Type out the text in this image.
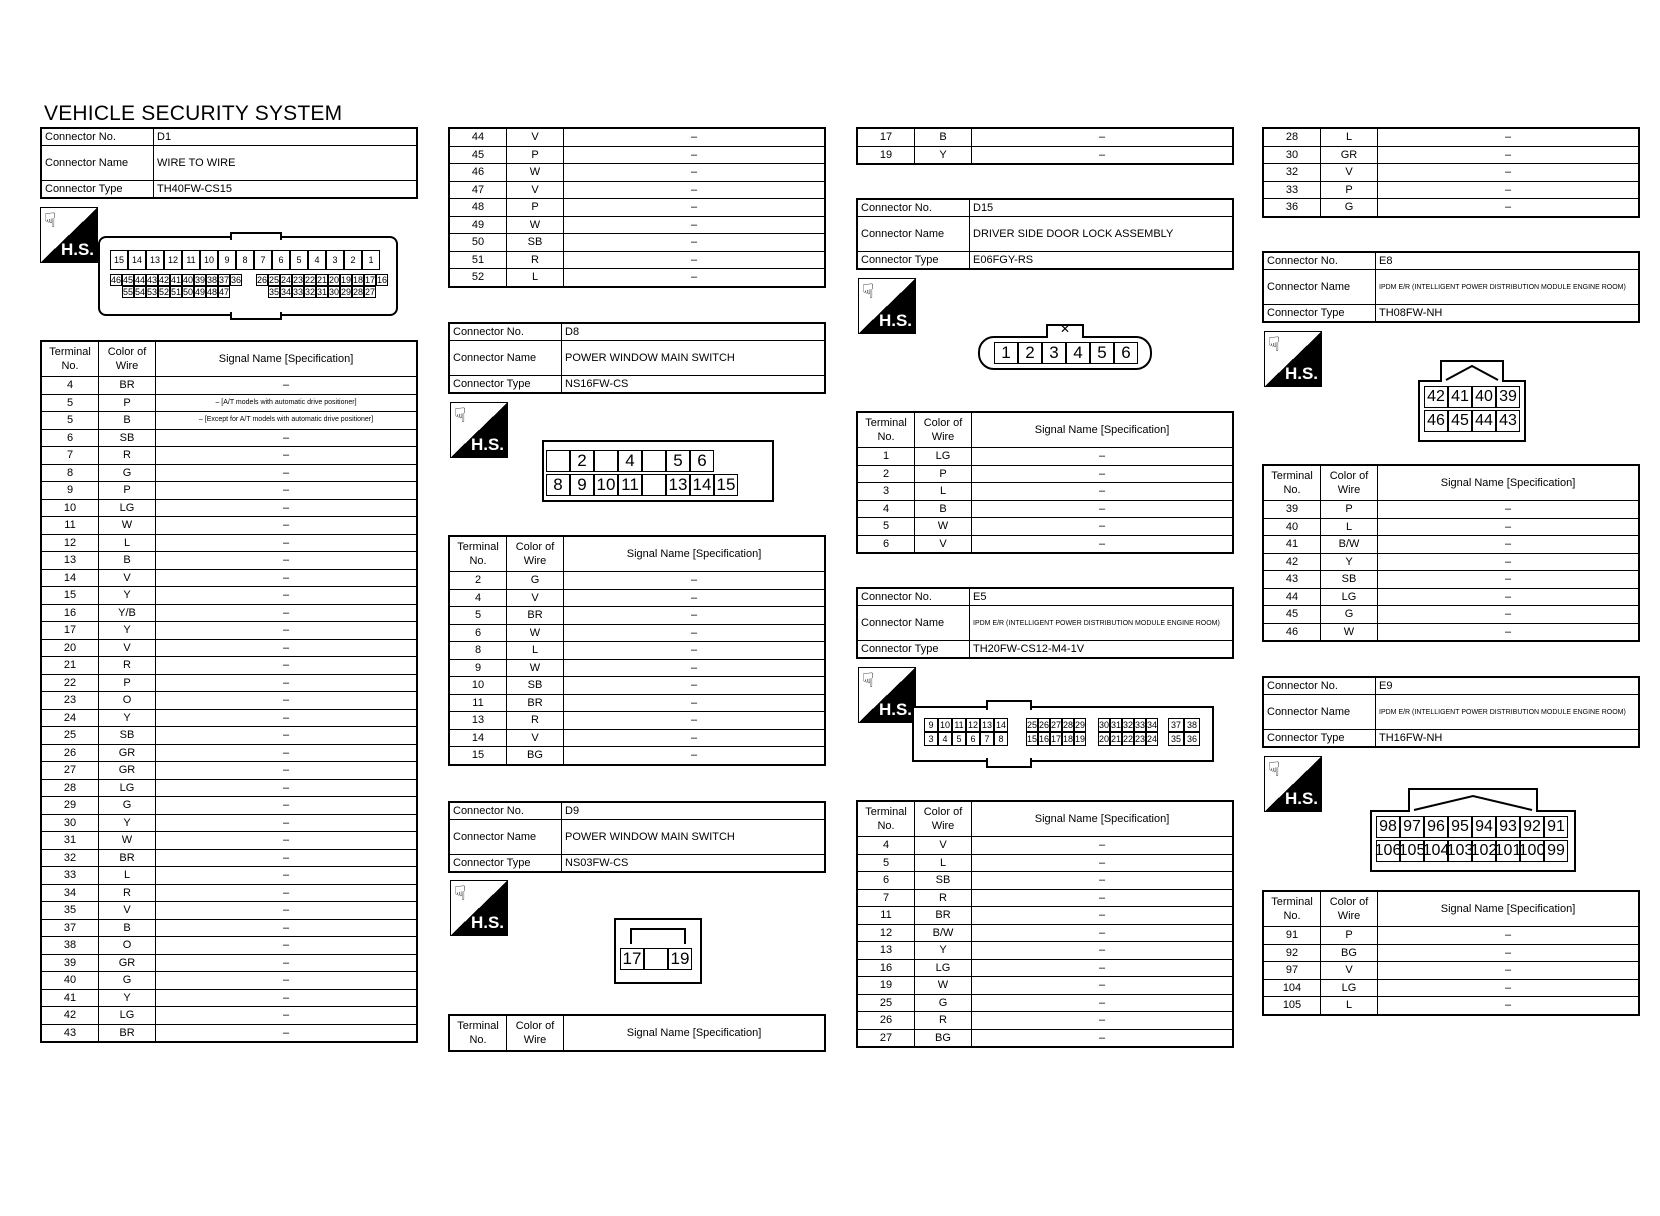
VEHICLE SECURITY SYSTEM
Connector No.	D1
Connector Name	WIRE TO WIRE
Connector Type	TH40FW-CS15
☟
H.S.
15 14 13 12 11 10	9	8	7	6	5	4	3	2	1
46 45 44 43 42 41 40 39 38 37 36 26 25 24 23 22 21 20 19 18 17 16
55 54 53 52 51 50 49 48 47	35 34 33 32 31 30 29 28 27
Terminal No.	Color of Wire	Signal Name [Specification]
4	BR	–
5	P	– [A/T models with automatic drive positioner]
5	B	– [Except for A/T models with automatic drive positioner]
6	SB	–
7	R	–
8	G	–
9	P	–
10	LG	–
11	W	–
12	L	–
13	B	–
14	V	–
15	Y	–
16	Y/B	–
17	Y	–
20	V	–
21	R	–
22	P	–
23	O	–
24	Y	–
25	SB	–
26	GR	–
27	GR	–
28	LG	–
29	G	–
30	Y	–
31	W	–
32	BR	–
33	L	–
34	R	–
35	V	–
37	B	–
38	O	–
39	GR	–
40	G	–
41	Y	–
42	LG	–
43	BR	–
44	V	–
45	P	–
46	W	–
47	V	–
48	P	–
49	W	–
50	SB	–
51	R	–
52	L	–
Connector No.	D8
Connector Name	POWER WINDOW MAIN SWITCH
Connector Type	NS16FW-CS
☟
H.S.
2	4	5 6
8 9 10 11 13 14 15
Terminal No.	Color of Wire	Signal Name [Specification]
2	G	–
4	V	–
5	BR	–
6	W	–
8	L	–
9	W	–
10	SB	–
11	BR	–
13	R	–
14	V	–
15	BG	–
Connector No.	D9
Connector Name	POWER WINDOW MAIN SWITCH
Connector Type	NS03FW-CS
☟
H.S.
17 19
Terminal No.	Color of Wire	Signal Name [Specification]
17	B	–
19	Y	–
Connector No.	D15
Connector Name	DRIVER SIDE DOOR LOCK ASSEMBLY
Connector Type	E06FGY-RS
☟
H.S.	✕
1 2 3 4 5 6
Terminal No.	Color of Wire	Signal Name [Specification]
1	LG	–
2	P	–
3	L	–
4	B	–
5	W	–
6	V	–
Connector No.	E5
Connector Name	IPDM E/R (INTELLIGENT POWER DISTRIBUTION MODULE ENGINE ROOM)
Connector Type	TH20FW-CS12-M4-1V
☟
H.S.
9 10 11 12 13 14
3 4 5 6 7 8
25 26 27 28 29
15 16 17 18 19
30 31 32 33 34
20 21 22 23 24
37 38
35 36
Terminal No.	Color of Wire	Signal Name [Specification]
4	V	–
5	L	–
6	SB	–
7	R	–
11	BR	–
12	B/W	–
13	Y	–
16	LG	–
19	W	–
25	G	–
26	R	–
27	BG	–
28	L	–
30	GR	–
32	V	–
33	P	–
36	G	–
Connector No.	E8
Connector Name	IPDM E/R (INTELLIGENT POWER DISTRIBUTION MODULE ENGINE ROOM)
Connector Type	TH08FW-NH
☟
H.S.
42 41 40 39
46 45 44 43
Terminal No.	Color of Wire	Signal Name [Specification]
39	P	–
40	L	–
41	B/W	–
42	Y	–
43	SB	–
44	LG	–
45	G	–
46	W	–
Connector No.	E9
Connector Name	IPDM E/R (INTELLIGENT POWER DISTRIBUTION MODULE ENGINE ROOM)
Connector Type	TH16FW-NH
☟
H.S.
98 97 96 95 94 93 92 91
106
105
104
103
102
101
100 99
Terminal No.	Color of Wire	Signal Name [Specification]
91	P	–
92	BG	–
97	V	–
104	LG	–
105	L	–
